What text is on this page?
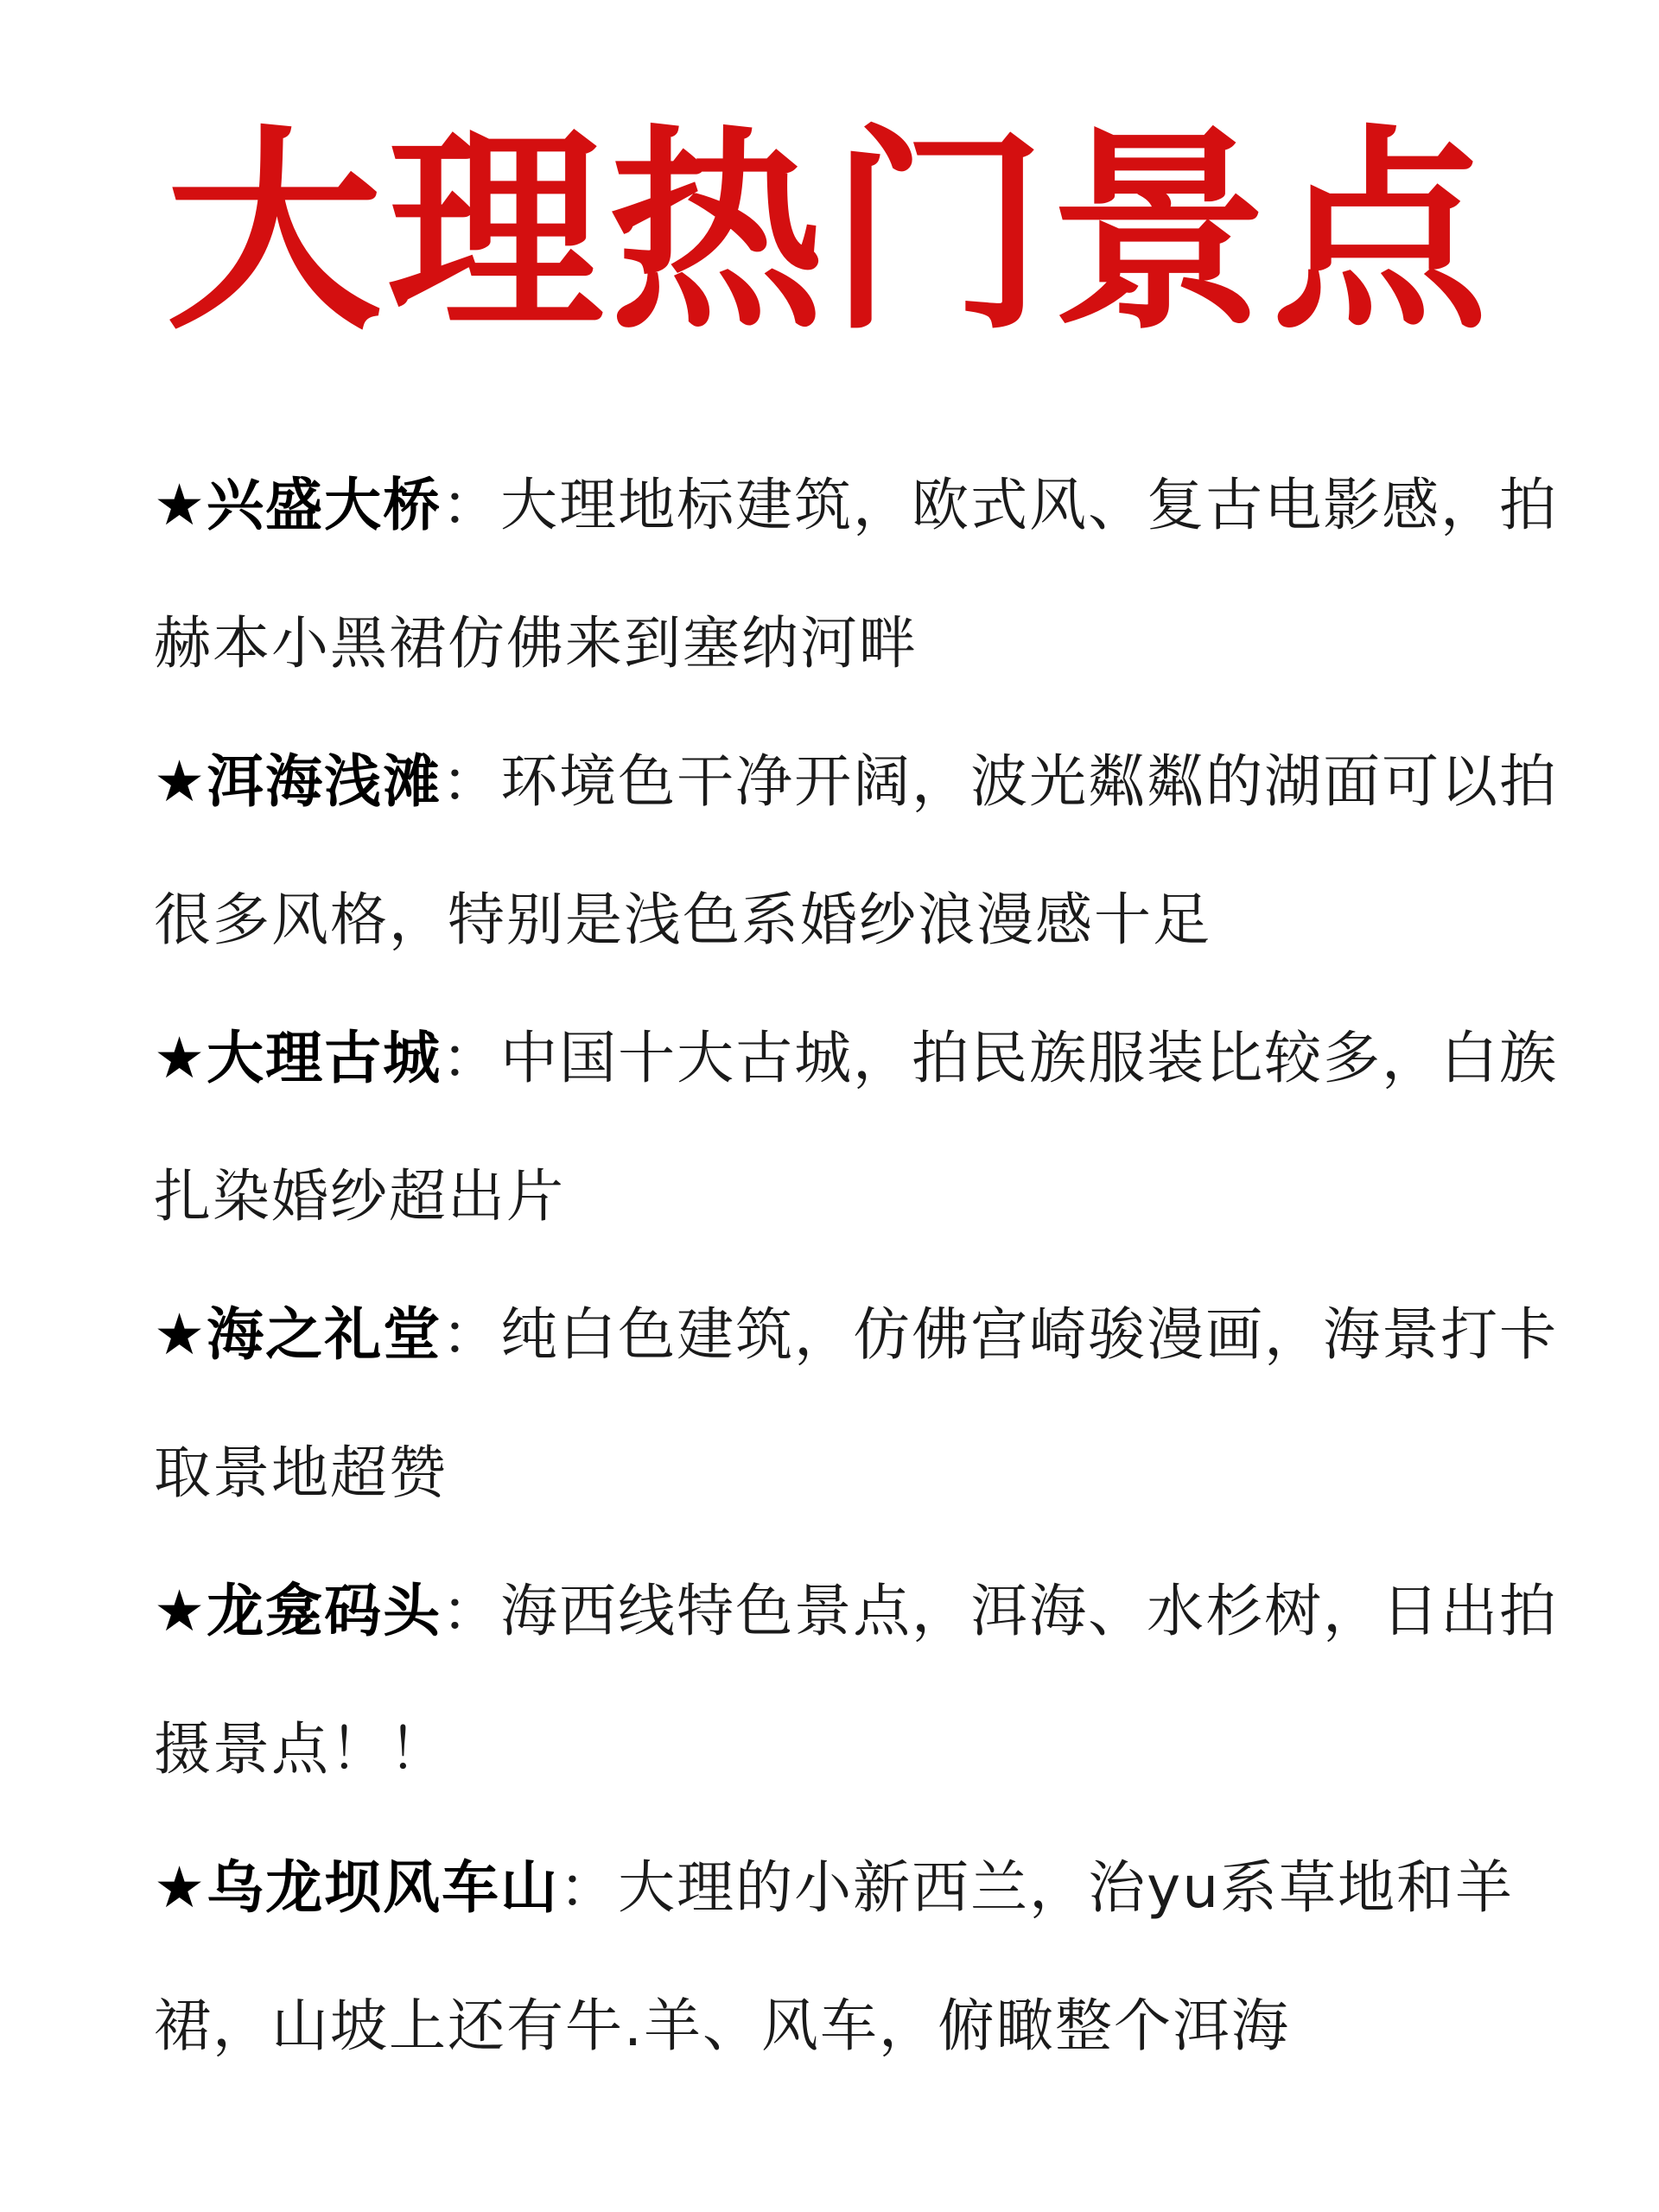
大理热门景点
★兴盛大桥：大理地标建筑，欧式风、复古电影感，拍
赫本小黑裙仿佛来到塞纳河畔
★洱海浅滩：环境色干净开阔，波光粼粼的湖面可以拍
很多风格，特别是浅色系婚纱浪漫感十足
★大理古城：中国十大古城，拍民族服装比较多，白族
扎染婚纱超出片
★海之礼堂：纯白色建筑，仿佛宫崎骏漫画，海景打卡
取景地超赞
★龙龛码头：海西线特色景点，洱海、水杉树，日出拍
摄景点！！
★乌龙坝风车山：大理的小新西兰，治yu系草地和羊
裙，山坡上还有牛.羊、风车，俯瞰整个洱海
